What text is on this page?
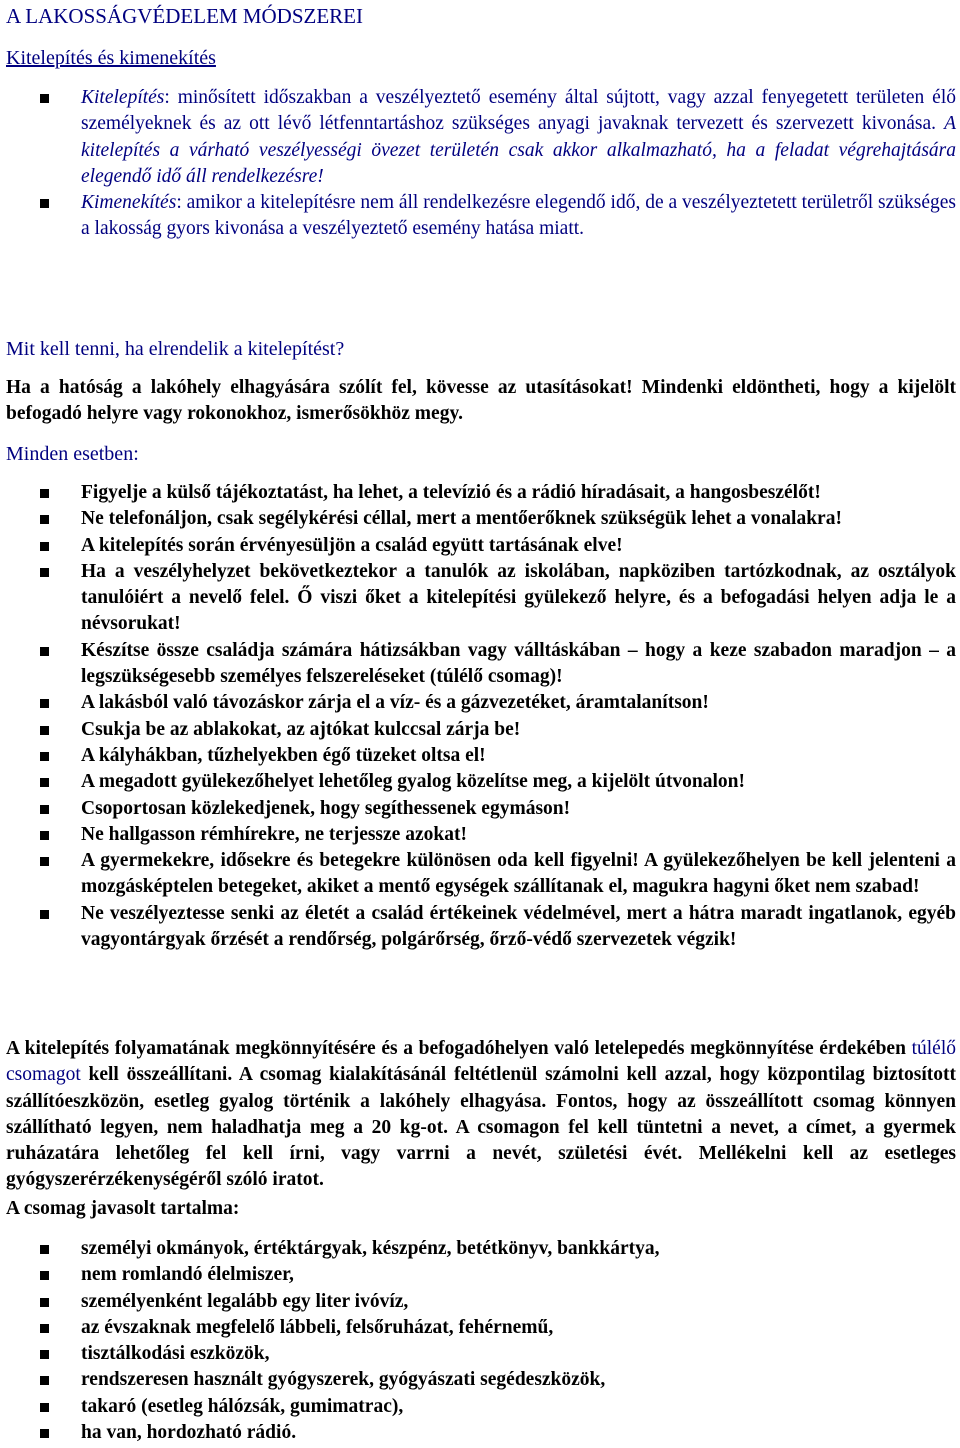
A LAKOSSÁGVÉDELEM MÓDSZEREI
Kitelepítés és kimenekítés
Kitelepítés: minősített időszakban a veszélyeztető esemény által sújtott, vagy azzal fenyegetett területen élő személyeknek és az ott lévő létfenntartáshoz szükséges anyagi javaknak tervezett és szervezett kivonása. A kitelepítés a várható veszélyességi övezet területén csak akkor alkalmazható, ha a feladat végrehajtására elegendő idő áll rendelkezésre!
Kimenekítés: amikor a kitelepítésre nem áll rendelkezésre elegendő idő, de a veszélyeztetett területről szükséges a lakosság gyors kivonása a veszélyeztető esemény hatása miatt.
Mit kell tenni, ha elrendelik a kitelepítést?
Ha a hatóság a lakóhely elhagyására szólít fel, kövesse az utasításokat! Mindenki eldöntheti, hogy a kijelölt befogadó helyre vagy rokonokhoz, ismerősökhöz megy.
Minden esetben:
Figyelje a külső tájékoztatást, ha lehet, a televízió és a rádió híradásait, a hangosbeszélőt!
Ne telefonáljon, csak segélykérési céllal, mert a mentőerőknek szükségük lehet a vonalakra!
A kitelepítés során érvényesüljön a család együtt tartásának elve!
Ha a veszélyhelyzet bekövetkeztekor a tanulók az iskolában, napköziben tartózkodnak, az osztályok tanulóiért a nevelő felel. Ő viszi őket a kitelepítési gyülekező helyre, és a befogadási helyen adja le a névsorukat!
Készítse össze családja számára hátizsákban vagy válltáskában – hogy a keze szabadon maradjon – a legszükségesebb személyes felszereléseket (túlélő csomag)!
A lakásból való távozáskor zárja el a víz- és a gázvezetéket, áramtalanítson!
Csukja be az ablakokat, az ajtókat kulccsal zárja be!
A kályhákban, tűzhelyekben égő tüzeket oltsa el!
A megadott gyülekezőhelyet lehetőleg gyalog közelítse meg, a kijelölt útvonalon!
Csoportosan közlekedjenek, hogy segíthessenek egymáson!
Ne hallgasson rémhírekre, ne terjessze azokat!
A gyermekekre, idősekre és betegekre különösen oda kell figyelni! A gyülekezőhelyen be kell jelenteni a mozgásképtelen betegeket, akiket a mentő egységek szállítanak el, magukra hagyni őket nem szabad!
Ne veszélyeztesse senki az életét a család értékeinek védelmével, mert a hátra maradt ingatlanok, egyéb vagyontárgyak őrzését a rendőrség, polgárőrség, őrző-védő szervezetek végzik!
A kitelepítés folyamatának megkönnyítésére és a befogadóhelyen való letelepedés megkönnyítése érdekében túlélő csomagot kell összeállítani. A csomag kialakításánál feltétlenül számolni kell azzal, hogy központilag biztosított szállítóeszközön, esetleg gyalog történik a lakóhely elhagyása. Fontos, hogy az összeállított csomag könnyen szállítható legyen, nem haladhatja meg a 20 kg-ot. A csomagon fel kell tüntetni a nevet, a címet, a gyermek ruházatára lehetőleg fel kell írni, vagy varrni a nevét, születési évét. Mellékelni kell az esetleges gyógyszerérzékenységéről szóló iratot.
A csomag javasolt tartalma:
személyi okmányok, értéktárgyak, készpénz, betétkönyv, bankkártya,
nem romlandó élelmiszer,
személyenként legalább egy liter ivóvíz,
az évszaknak megfelelő lábbeli, felsőruházat, fehérnemű,
tisztálkodási eszközök,
rendszeresen használt gyógyszerek, gyógyászati segédeszközök,
takaró (esetleg hálózsák, gumimatrac),
ha van, hordozható rádió.
